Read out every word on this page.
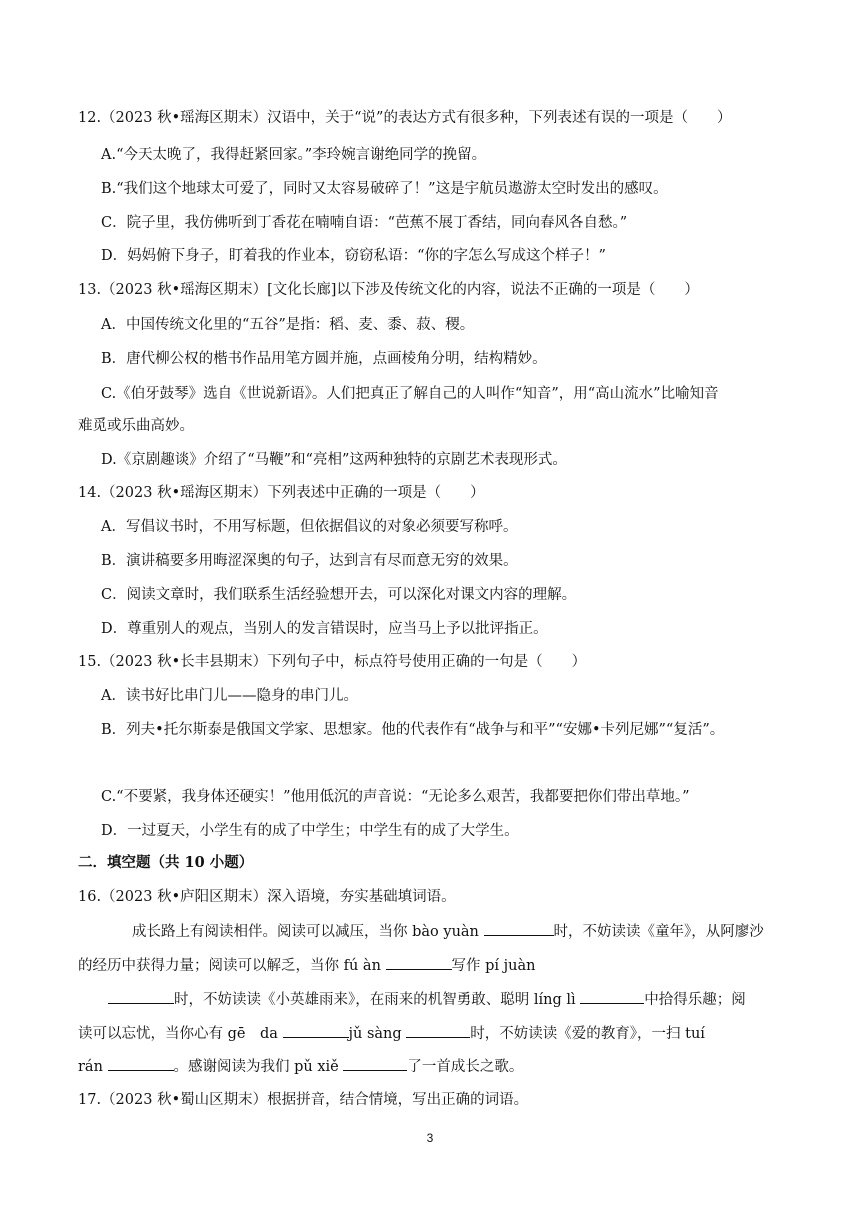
12.（2023 秋•瑶海区期末）汉语中，关于“说”的表达方式有很多种，下列表述有误的一项是（　　）
A.“今天太晚了，我得赶紧回家。”李玲婉言谢绝同学的挽留。
B.“我们这个地球太可爱了，同时又太容易破碎了！”这是宇航员遨游太空时发出的感叹。
C．院子里，我仿佛听到丁香花在喃喃自语：“芭蕉不展丁香结，同向春风各自愁。”
D．妈妈俯下身子，盯着我的作业本，窃窃私语：“你的字怎么写成这个样子！”
13.（2023 秋•瑶海区期末）[文化长廊]以下涉及传统文化的内容，说法不正确的一项是（　　）
A．中国传统文化里的“五谷”是指：稻、麦、黍、菽、稷。
B．唐代柳公权的楷书作品用笔方圆并施，点画棱角分明，结构精妙。
C.《伯牙鼓琴》选自《世说新语》。人们把真正了解自己的人叫作“知音”，用“高山流水”比喻知音
难觅或乐曲高妙。
D.《京剧趣谈》介绍了“马鞭”和“亮相”这两种独特的京剧艺术表现形式。
14.（2023 秋•瑶海区期末）下列表述中正确的一项是（　　）
A．写倡议书时，不用写标题，但依据倡议的对象必须要写称呼。
B．演讲稿要多用晦涩深奥的句子，达到言有尽而意无穷的效果。
C．阅读文章时，我们联系生活经验想开去，可以深化对课文内容的理解。
D．尊重别人的观点，当别人的发言错误时，应当马上予以批评指正。
15.（2023 秋•长丰县期末）下列句子中，标点符号使用正确的一句是（　　）
A．读书好比串门儿——隐身的串门儿。
B．列夫•托尔斯泰是俄国文学家、思想家。他的代表作有“战争与和平”“安娜•卡列尼娜”“复活”。
C.“不要紧，我身体还硬实！”他用低沉的声音说：“无论多么艰苦，我都要把你们带出草地。”
D．一过夏天，小学生有的成了中学生；中学生有的成了大学生。
二．填空题（共 10 小题）
16.（2023 秋•庐阳区期末）深入语境，夯实基础填词语。
成长路上有阅读相伴。阅读可以减压，当你 bào yuàn	时，不妨读读《童年》，从阿廖沙
的经历中获得力量；阅读可以解乏，当你 fú àn	写作 pí juàn
时，不妨读读《小英雄雨来》，在雨来的机智勇敢、聪明 líng lì	中拾得乐趣；阅
读可以忘忧，当你心有 gē　da	jǔ sàng	时，不妨读读《爱的教育》，一扫 tuí
rán	。感谢阅读为我们 pǔ xiě	了一首成长之歌。
17.（2023 秋•蜀山区期末）根据拼音，结合情境，写出正确的词语。
3
